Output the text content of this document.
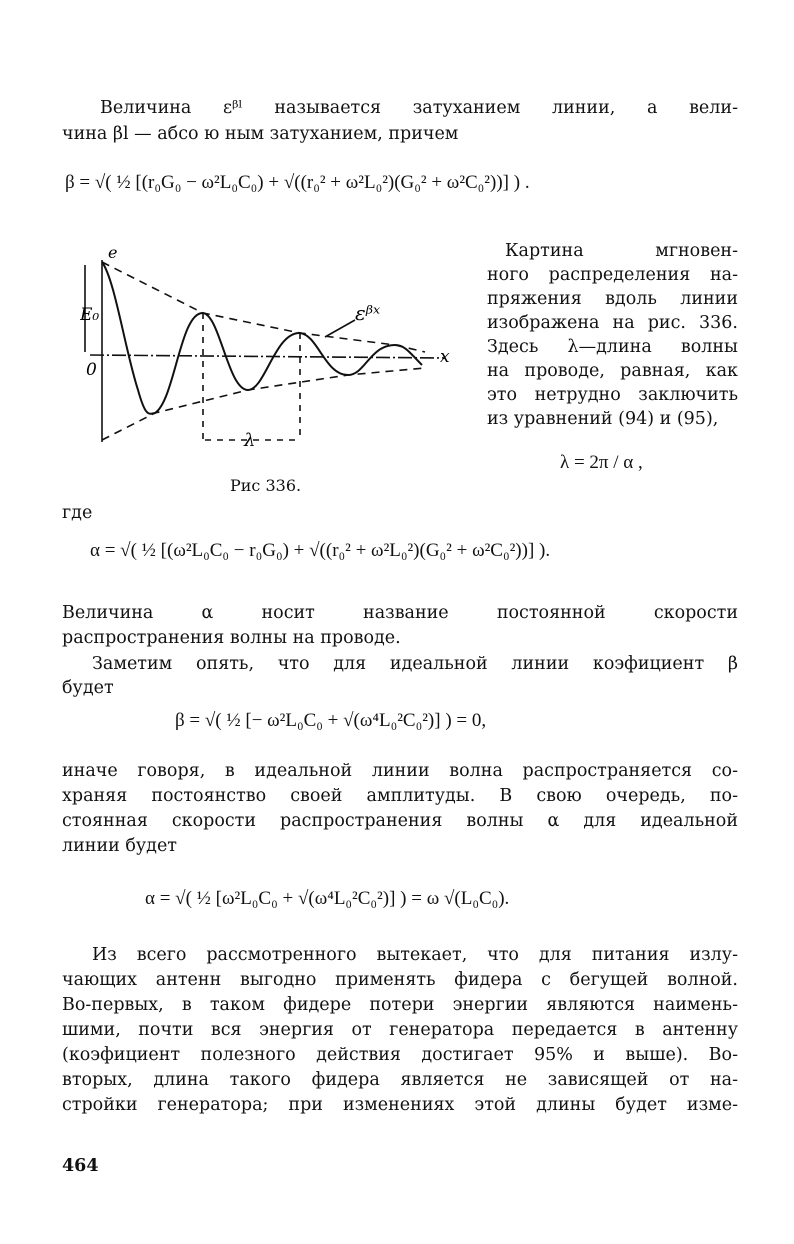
Величина εᵝˡ называется затуханием линии, а вели-
чина βl — абсо ю ным затуханием, причем
β = √( ½ [(r₀G₀ − ω²L₀C₀) + √((r₀² + ω²L₀²)(G₀² + ω²C₀²))] ) .
e
E₀
0
x
λ
εᵝˣ
Рис 336.
Картина мгновен-
ного распределения на-
пряжения вдоль линии
изображена на рис. 336.
Здесь λ—длина волны
на проводе, равная, как
это нетрудно заключить
из уравнений (94) и (95),
λ = 2π / α ,
где
α = √( ½ [(ω²L₀C₀ − r₀G₀) + √((r₀² + ω²L₀²)(G₀² + ω²C₀²))] ).
Величина α носит название постоянной скорости
распространения волны на проводе.
Заметим опять, что для идеальной линии коэфициент β
будет
β = √( ½ [− ω²L₀C₀ + √(ω⁴L₀²C₀²)] ) = 0,
иначе говоря, в идеальной линии волна распространяется со-
храняя постоянство своей амплитуды. В свою очередь, по-
стоянная скорости распространения волны α для идеальной
линии будет
α = √( ½ [ω²L₀C₀ + √(ω⁴L₀²C₀²)] ) = ω √(L₀C₀).
Из всего рассмотренного вытекает, что для питания излу-
чающих антенн выгодно применять фидера с бегущей волной.
Во-первых, в таком фидере потери энергии являются наимень-
шими, почти вся энергия от генератора передается в антенну
(коэфициент полезного действия достигает 95% и выше). Во-
вторых, длина такого фидера является не зависящей от на-
стройки генератора; при изменениях этой длины будет изме-
464
